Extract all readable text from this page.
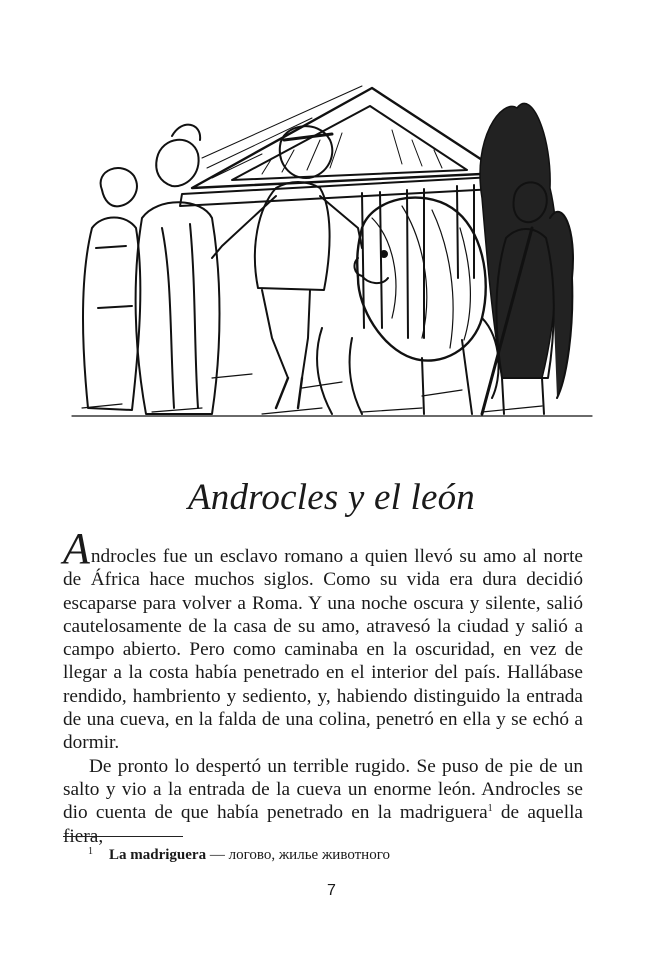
Androcles y el león

Androcles fue un esclavo romano a quien llevó su amo al norte de África hace muchos siglos. Como su vida era dura decidió escaparse para volver a Roma. Y una noche oscura y silente, salió cautelosamente de la casa de su amo, atravesó la ciudad y salió a campo abierto. Pero como caminaba en la oscuridad, en vez de llegar a la costa había penetrado en el interior del país. Hallábase rendido, hambriento y sediento, y, habiendo distinguido la entrada de una cueva, en la falda de una colina, penetró en ella y se echó a dormir.

De pronto lo despertó un terrible rugido. Se puso de pie de un salto y vio a la entrada de la cueva un enorme león. Androcles se dio cuenta de que había penetrado en la madriguera$^1$ de aquella fiera,

$^1$ La madriguera — логово, жилье животного
7
